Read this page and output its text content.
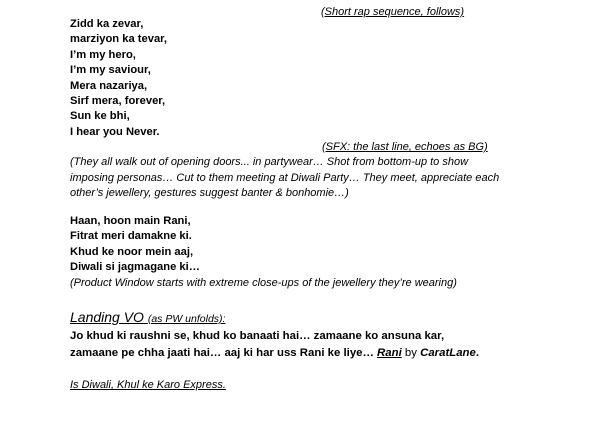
(Short rap sequence, follows)
Zidd ka zevar,
marziyon ka tevar,
I’m my hero,
I’m my saviour,
Mera nazariya,
Sirf mera, forever,
Sun ke bhi,
I hear you Never.
(SFX: the last line, echoes as BG)
(They all walk out of opening doors... in partywear… Shot from bottom-up to show
imposing personas… Cut to them meeting at Diwali Party… They meet, appreciate each
other’s jewellery, gestures suggest banter & bonhomie…)
Haan, hoon main Rani,
Fitrat meri damakne ki.
Khud ke noor mein aaj,
Diwali si jagmagane ki…
(Product Window starts with extreme close-ups of the jewellery they’re wearing)
Landing VO (as PW unfolds):
Jo khud ki raushni se, khud ko banaati hai… zamaane ko ansuna kar,
zamaane pe chha jaati hai… aaj ki har uss Rani ke liye… Rani by CaratLane.
Is Diwali, Khul ke Karo Express.
